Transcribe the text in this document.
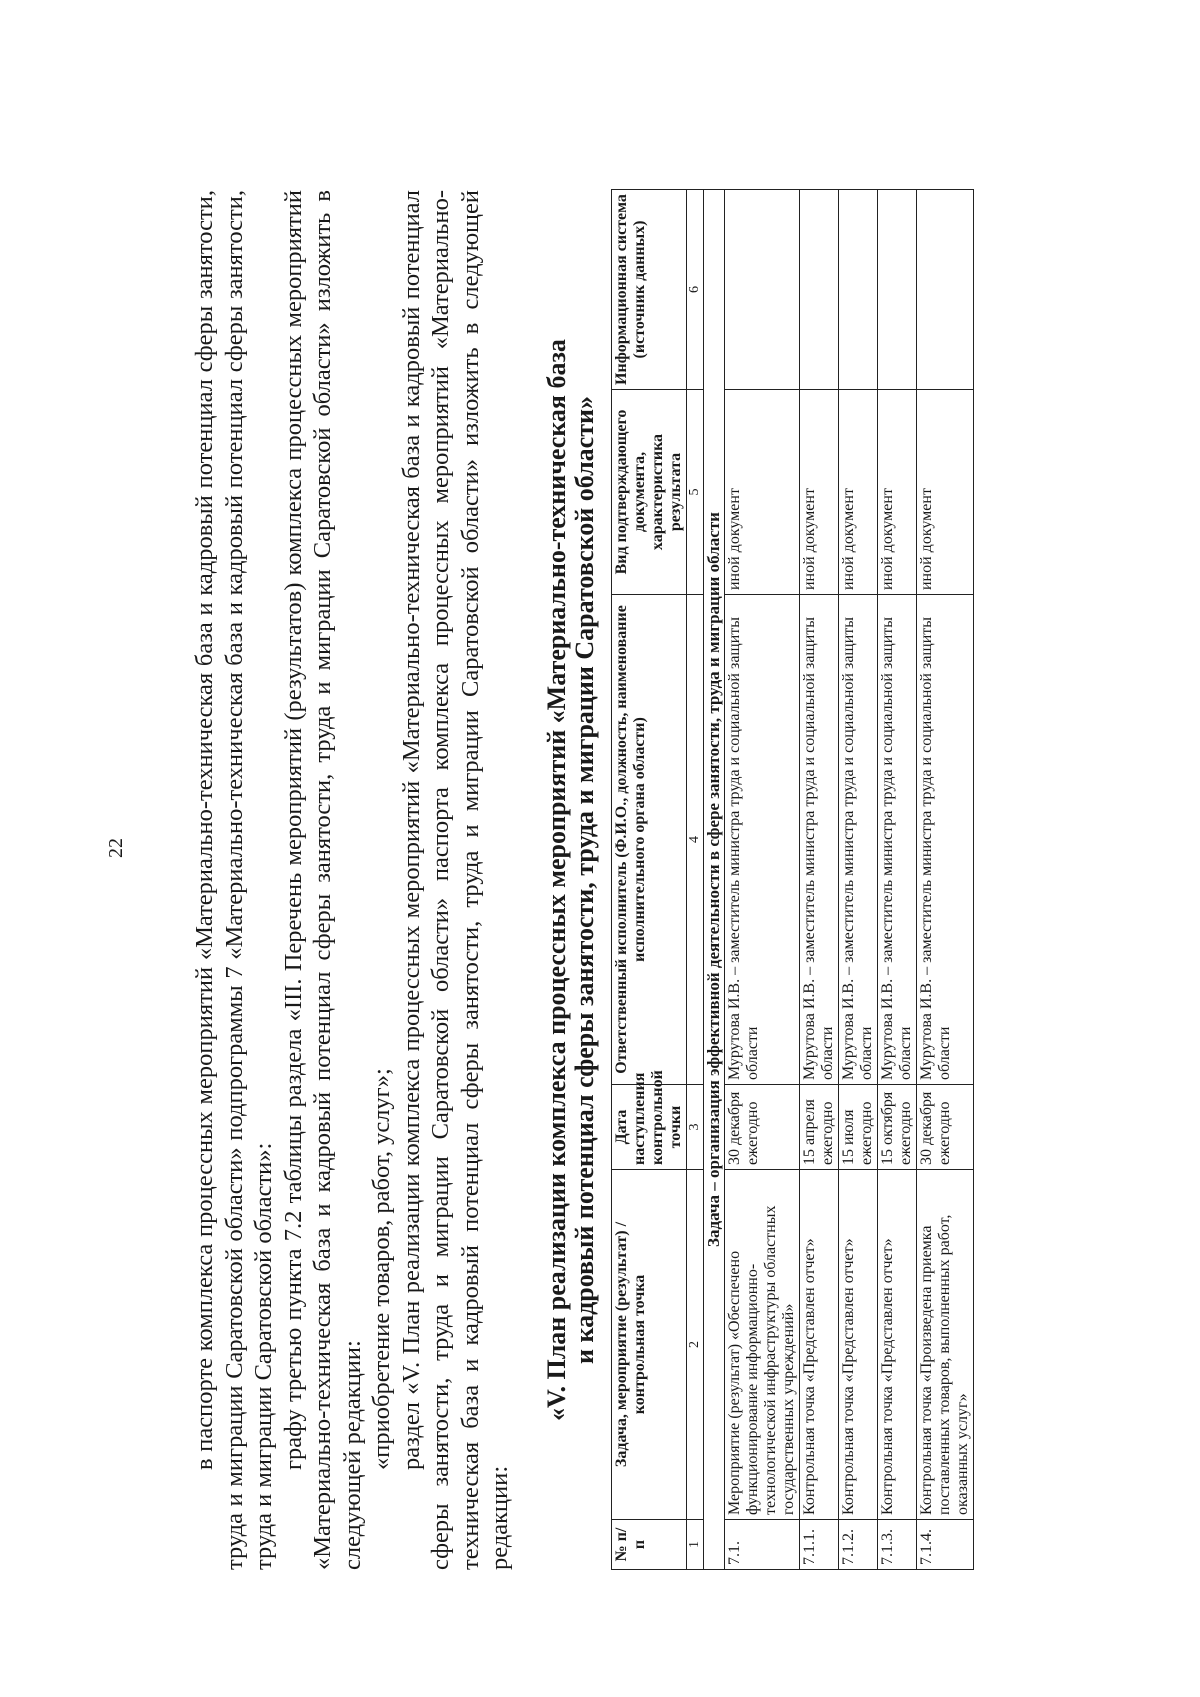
22	в паспорте комплекса процессных мероприятий «Материально-техническая база и кадровый потенциал сферы занятости, труда и миграции Саратовской области» подпрограммы 7 «Материально-техническая база и кадровый потенциал сферы занятости, труда и миграции Саратовской области»: графу третью пункта 7.2 таблицы раздела «III. Перечень мероприятий (результатов) комплекса процессных мероприятий «Материально-техническая база и кадровый потенциал сферы занятости, труда и миграции Саратовской области» изложить в следующей редакции: «приобретение товаров, работ, услуг»; раздел «V. План реализации комплекса процессных мероприятий «Материально-техническая база и кадровый потенциал сферы занятости, труда и миграции Саратовской области» паспорта комплекса процессных мероприятий «Материально-техническая база и кадровый потенциал сферы занятости, труда и миграции Саратовской области» изложить в следующей редакции:

«V. План реализации комплекса процессных мероприятий «Материально-техническая база и кадровый потенциал сферы занятости, труда и миграции Саратовской области»
№ п/п	Задача, мероприятие (результат) / контрольная точка	Дата наступления контрольной точки	Ответственный исполнитель (Ф.И.О., должность, наименование исполнительного органа области)	Вид подтверждающего документа, характеристика результата	Информационная система (источник данных)
1	2	3	4	5	6
Задача – организация эффективной деятельности в сфере занятости, труда и миграции области					
7.1.	Мероприятие (результат) «Обеспечено функционирование информационно-технологической инфраструктуры областных государственных учреждений»	30 декабря ежегодно	Мурутова И.В. – заместитель министра труда и социальной защиты области	иной документ	
7.1.1.	Контрольная точка «Представлен отчет»	15 апреля ежегодно	Мурутова И.В. – заместитель министра труда и социальной защиты области	иной документ	
7.1.2.	Контрольная точка «Представлен отчет»	15 июля ежегодно	Мурутова И.В. – заместитель министра труда и социальной защиты области	иной документ	
7.1.3.	Контрольная точка «Представлен отчет»	15 октября ежегодно	Мурутова И.В. – заместитель министра труда и социальной защиты области	иной документ	
7.1.4.	Контрольная точка «Произведена приемка поставленных товаров, выполненных работ, оказанных услуг»	30 декабря ежегодно	Мурутова И.В. – заместитель министра труда и социальной защиты области	иной документ	
